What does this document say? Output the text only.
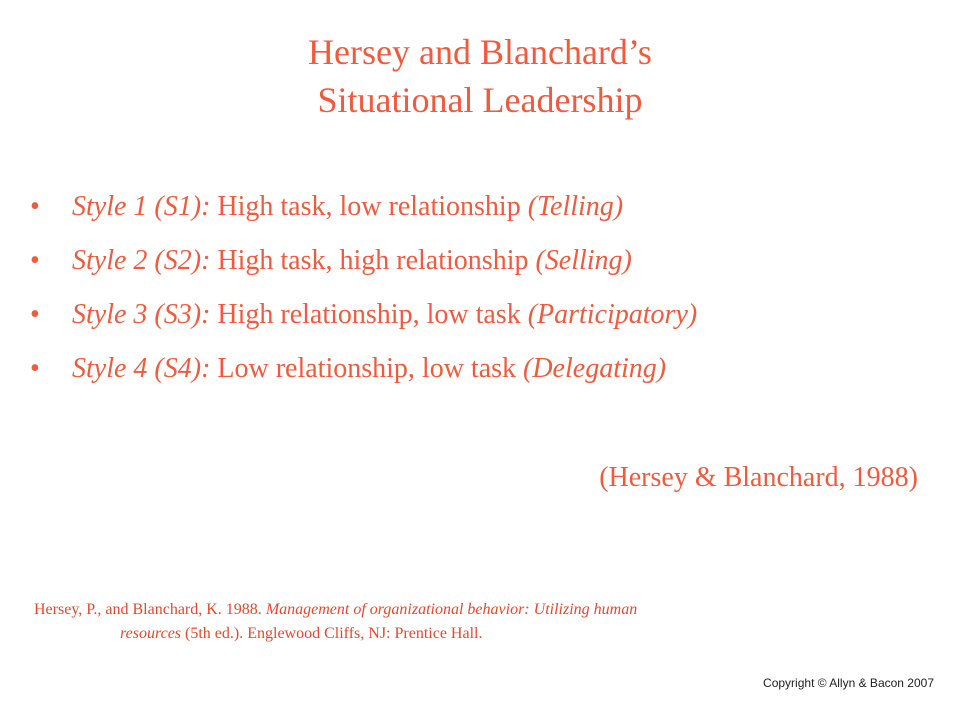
Hersey and Blanchard’s
Situational Leadership
• Style 1 (S1): High task, low relationship (Telling)
• Style 2 (S2): High task, high relationship (Selling)
• Style 3 (S3): High relationship, low task (Participatory)
• Style 4 (S4): Low relationship, low task (Delegating)
(Hersey & Blanchard, 1988)
Hersey, P., and Blanchard, K. 1988. Management of organizational behavior: Utilizing human
resources (5th ed.). Englewood Cliffs, NJ: Prentice Hall.
Copyright © Allyn & Bacon 2007
